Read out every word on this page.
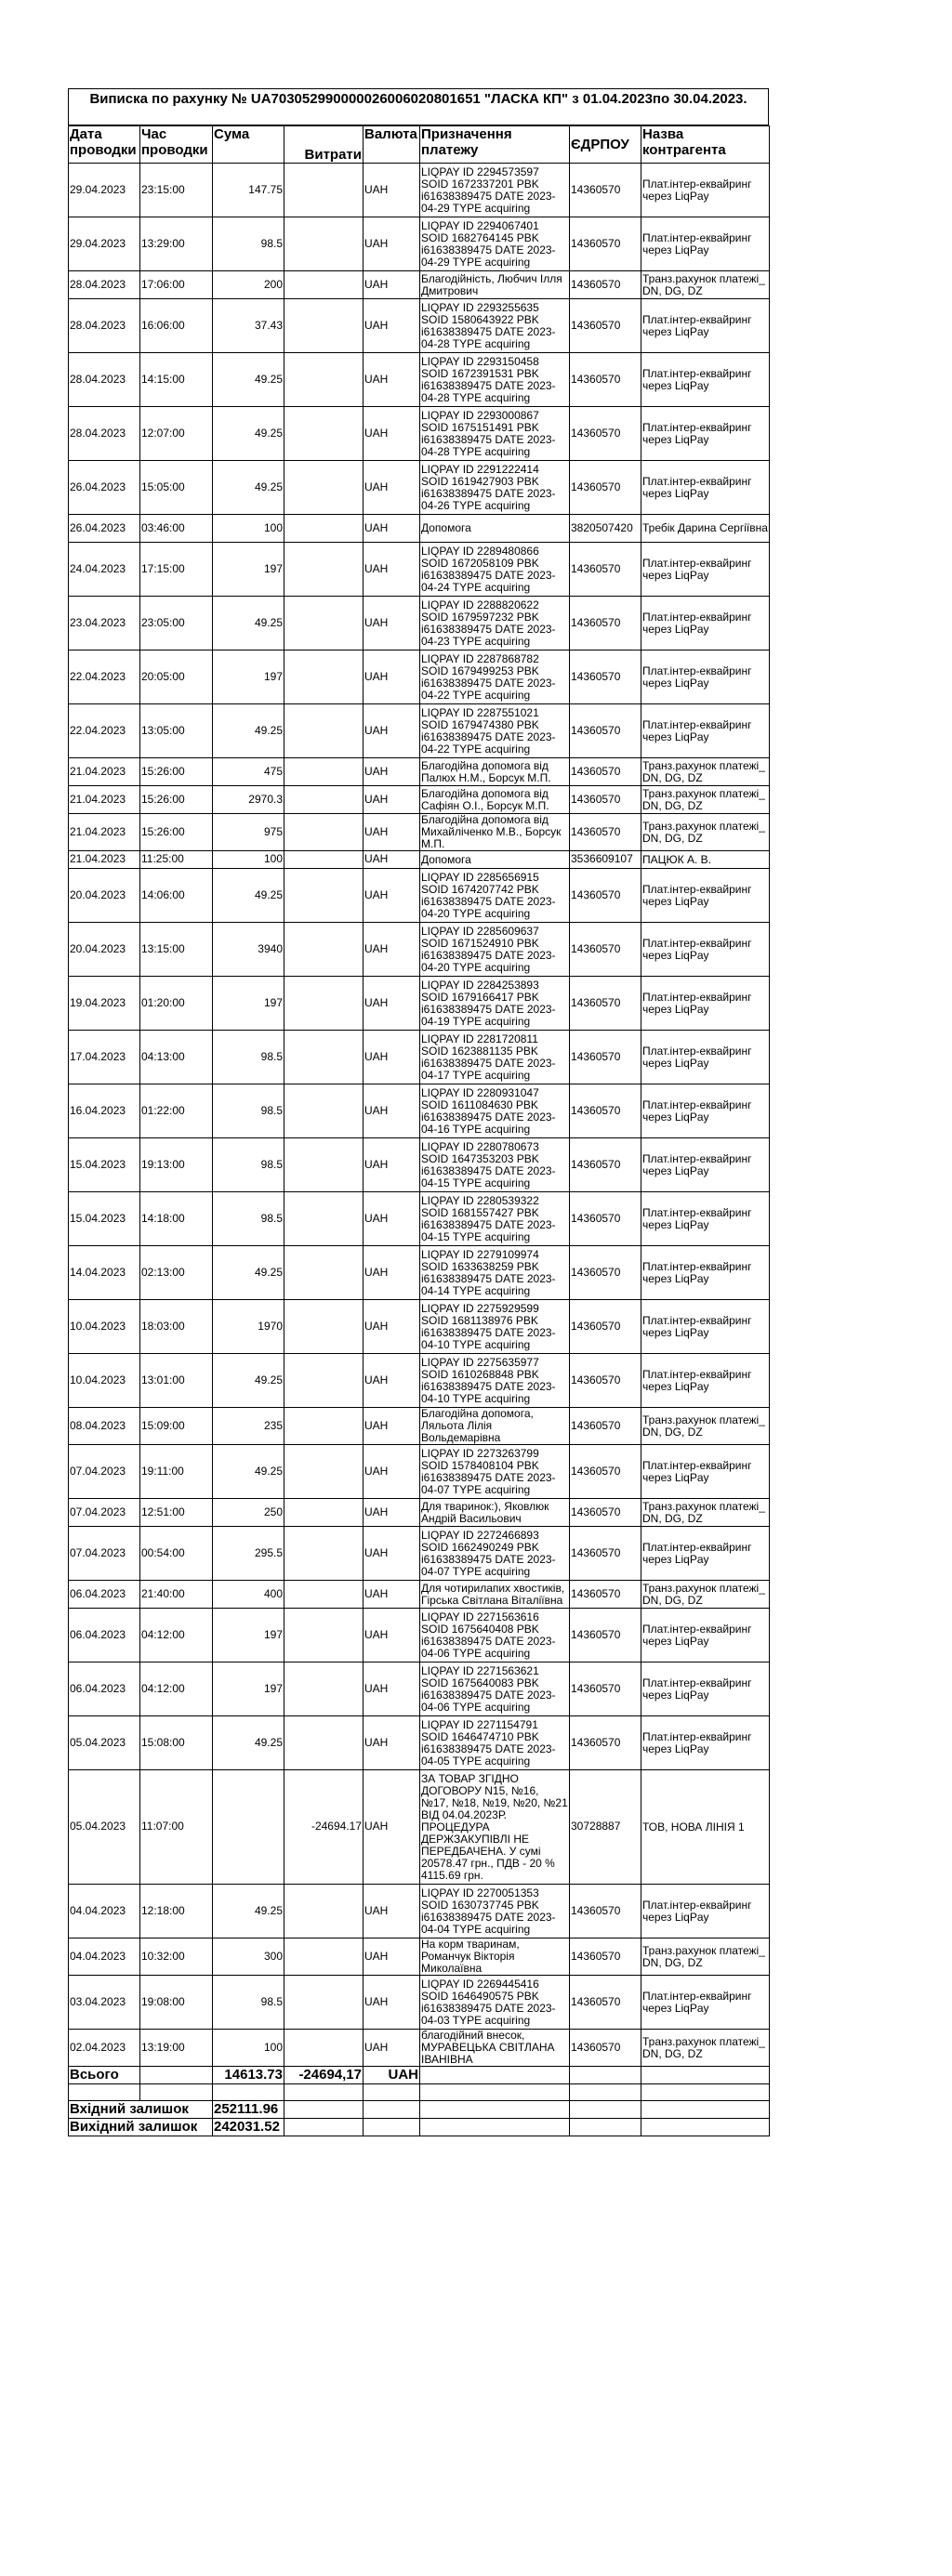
Виписка по рахунку № UA703052990000026006020801651 "ЛАСКА КП" з 01.04.2023по 30.04.2023.
Дата проводки	Час проводки	Сума	Витрати	Валюта	Призначення платежу	ЄДРПОУ	Назва контрагента
29.04.2023	23:15:00	147.75		UAH	LIQPAY ID 2294573597 SOID 1672337201 PBK i61638389475 DATE 2023-04-29 TYPE acquiring	14360570	Плат.інтер-еквайринг через LiqPay
29.04.2023	13:29:00	98.5		UAH	LIQPAY ID 2294067401 SOID 1682764145 PBK i61638389475 DATE 2023-04-29 TYPE acquiring	14360570	Плат.інтер-еквайринг через LiqPay
28.04.2023	17:06:00	200		UAH	Благодійність, Любчич Ілля Дмитрович	14360570	Транз.рахунок платежі_ DN, DG, DZ
28.04.2023	16:06:00	37.43		UAH	LIQPAY ID 2293255635 SOID 1580643922 PBK i61638389475 DATE 2023-04-28 TYPE acquiring	14360570	Плат.інтер-еквайринг через LiqPay
28.04.2023	14:15:00	49.25		UAH	LIQPAY ID 2293150458 SOID 1672391531 PBK i61638389475 DATE 2023-04-28 TYPE acquiring	14360570	Плат.інтер-еквайринг через LiqPay
28.04.2023	12:07:00	49.25		UAH	LIQPAY ID 2293000867 SOID 1675151491 PBK i61638389475 DATE 2023-04-28 TYPE acquiring	14360570	Плат.інтер-еквайринг через LiqPay
26.04.2023	15:05:00	49.25		UAH	LIQPAY ID 2291222414 SOID 1619427903 PBK i61638389475 DATE 2023-04-26 TYPE acquiring	14360570	Плат.інтер-еквайринг через LiqPay
26.04.2023	03:46:00	100		UAH	Допомога	3820507420	Требік Дарина Сергіївна
24.04.2023	17:15:00	197		UAH	LIQPAY ID 2289480866 SOID 1672058109 PBK i61638389475 DATE 2023-04-24 TYPE acquiring	14360570	Плат.інтер-еквайринг через LiqPay
23.04.2023	23:05:00	49.25		UAH	LIQPAY ID 2288820622 SOID 1679597232 PBK i61638389475 DATE 2023-04-23 TYPE acquiring	14360570	Плат.інтер-еквайринг через LiqPay
22.04.2023	20:05:00	197		UAH	LIQPAY ID 2287868782 SOID 1679499253 PBK i61638389475 DATE 2023-04-22 TYPE acquiring	14360570	Плат.інтер-еквайринг через LiqPay
22.04.2023	13:05:00	49.25		UAH	LIQPAY ID 2287551021 SOID 1679474380 PBK i61638389475 DATE 2023-04-22 TYPE acquiring	14360570	Плат.інтер-еквайринг через LiqPay
21.04.2023	15:26:00	475		UAH	Благодійна допомога від Палюх Н.М., Борсук М.П.	14360570	Транз.рахунок платежі_ DN, DG, DZ
21.04.2023	15:26:00	2970.3		UAH	Благодійна допомога від Сафіян О.І., Борсук М.П.	14360570	Транз.рахунок платежі_ DN, DG, DZ
21.04.2023	15:26:00	975		UAH	Благодійна допомога від Михайліченко М.В., Борсук М.П.	14360570	Транз.рахунок платежі_ DN, DG, DZ
21.04.2023	11:25:00	100		UAH	Допомога	3536609107	ПАЦЮК А. В.
20.04.2023	14:06:00	49.25		UAH	LIQPAY ID 2285656915 SOID 1674207742 PBK i61638389475 DATE 2023-04-20 TYPE acquiring	14360570	Плат.інтер-еквайринг через LiqPay
20.04.2023	13:15:00	3940		UAH	LIQPAY ID 2285609637 SOID 1671524910 PBK i61638389475 DATE 2023-04-20 TYPE acquiring	14360570	Плат.інтер-еквайринг через LiqPay
19.04.2023	01:20:00	197		UAH	LIQPAY ID 2284253893 SOID 1679166417 PBK i61638389475 DATE 2023-04-19 TYPE acquiring	14360570	Плат.інтер-еквайринг через LiqPay
17.04.2023	04:13:00	98.5		UAH	LIQPAY ID 2281720811 SOID 1623881135 PBK i61638389475 DATE 2023-04-17 TYPE acquiring	14360570	Плат.інтер-еквайринг через LiqPay
16.04.2023	01:22:00	98.5		UAH	LIQPAY ID 2280931047 SOID 1611084630 PBK i61638389475 DATE 2023-04-16 TYPE acquiring	14360570	Плат.інтер-еквайринг через LiqPay
15.04.2023	19:13:00	98.5		UAH	LIQPAY ID 2280780673 SOID 1647353203 PBK i61638389475 DATE 2023-04-15 TYPE acquiring	14360570	Плат.інтер-еквайринг через LiqPay
15.04.2023	14:18:00	98.5		UAH	LIQPAY ID 2280539322 SOID 1681557427 PBK i61638389475 DATE 2023-04-15 TYPE acquiring	14360570	Плат.інтер-еквайринг через LiqPay
14.04.2023	02:13:00	49.25		UAH	LIQPAY ID 2279109974 SOID 1633638259 PBK i61638389475 DATE 2023-04-14 TYPE acquiring	14360570	Плат.інтер-еквайринг через LiqPay
10.04.2023	18:03:00	1970		UAH	LIQPAY ID 2275929599 SOID 1681138976 PBK i61638389475 DATE 2023-04-10 TYPE acquiring	14360570	Плат.інтер-еквайринг через LiqPay
10.04.2023	13:01:00	49.25		UAH	LIQPAY ID 2275635977 SOID 1610268848 PBK i61638389475 DATE 2023-04-10 TYPE acquiring	14360570	Плат.інтер-еквайринг через LiqPay
08.04.2023	15:09:00	235		UAH	Благодійна допомога, Ляльота Лілія Вольдемарівна	14360570	Транз.рахунок платежі_ DN, DG, DZ
07.04.2023	19:11:00	49.25		UAH	LIQPAY ID 2273263799 SOID 1578408104 PBK i61638389475 DATE 2023-04-07 TYPE acquiring	14360570	Плат.інтер-еквайринг через LiqPay
07.04.2023	12:51:00	250		UAH	Для тваринок:), Яковлюк Андрій Васильович	14360570	Транз.рахунок платежі_ DN, DG, DZ
07.04.2023	00:54:00	295.5		UAH	LIQPAY ID 2272466893 SOID 1662490249 PBK i61638389475 DATE 2023-04-07 TYPE acquiring	14360570	Плат.інтер-еквайринг через LiqPay
06.04.2023	21:40:00	400		UAH	Для чотирилапих хвостиків, Гірська Світлана Віталіївна	14360570	Транз.рахунок платежі_ DN, DG, DZ
06.04.2023	04:12:00	197		UAH	LIQPAY ID 2271563616 SOID 1675640408 PBK i61638389475 DATE 2023-04-06 TYPE acquiring	14360570	Плат.інтер-еквайринг через LiqPay
06.04.2023	04:12:00	197		UAH	LIQPAY ID 2271563621 SOID 1675640083 PBK i61638389475 DATE 2023-04-06 TYPE acquiring	14360570	Плат.інтер-еквайринг через LiqPay
05.04.2023	15:08:00	49.25		UAH	LIQPAY ID 2271154791 SOID 1646474710 PBK i61638389475 DATE 2023-04-05 TYPE acquiring	14360570	Плат.інтер-еквайринг через LiqPay
05.04.2023	11:07:00		-24694.17	UAH	ЗА ТОВАР ЗГІДНО ДОГОВОРУ N15, №16, №17, №18, №19, №20, №21 ВІД 04.04.2023Р. ПРОЦЕДУРА ДЕРЖЗАКУПІВЛІ НЕ ПЕРЕДБАЧЕНА. У сумі 20578.47 грн., ПДВ - 20 % 4115.69 грн.	30728887	ТОВ, НОВА ЛІНІЯ 1
04.04.2023	12:18:00	49.25		UAH	LIQPAY ID 2270051353 SOID 1630737745 PBK i61638389475 DATE 2023-04-04 TYPE acquiring	14360570	Плат.інтер-еквайринг через LiqPay
04.04.2023	10:32:00	300		UAH	На корм тваринам, Романчук Вікторія Миколаївна	14360570	Транз.рахунок платежі_ DN, DG, DZ
03.04.2023	19:08:00	98.5		UAH	LIQPAY ID 2269445416 SOID 1646490575 PBK i61638389475 DATE 2023-04-03 TYPE acquiring	14360570	Плат.інтер-еквайринг через LiqPay
02.04.2023	13:19:00	100		UAH	благодійний внесок, МУРАВЕЦЬКА СВІТЛАНА ІВАНІВНА	14360570	Транз.рахунок платежі_ DN, DG, DZ
Всього		14613.73	-24694,17	UAH			

Вхідний залишок		252111.96					
Вихідний залишок		242031.52					
